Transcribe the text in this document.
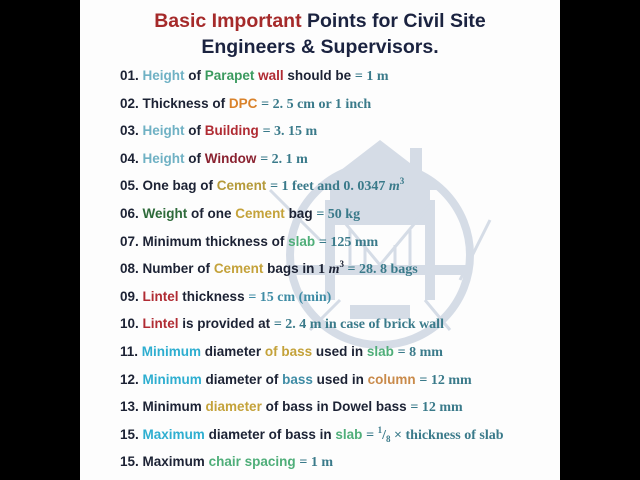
Basic Important Points for Civil Site
Engineers & Supervisors.
01. Height of Parapet wall should be = 1 m
02. Thickness of DPC = 2. 5 cm or 1 inch
03. Height of Building = 3. 15 m
04. Height of Window = 2. 1 m
05. One bag of Cement = 1 feet and 0. 0347 $m^3$
06. Weight of one Cement bag = 50 kg
07. Minimum thickness of slab = 125 mm
08. Number of Cement bags in 1 $m^3 = 28$. 8 bags
09. Lintel thickness = 15 cm (min)
10. Lintel is provided at = 2. 4 m in case of brick wall
11. Minimum diameter of bass used in slab = 8 mm
12. Minimum diameter of bass used in column = 12 mm
13. Minimum diameter of bass in Dowel bass = 12 mm
15. Maximum diameter of bass in slab = $^1/_8$ × thickness of slab
15. Maximum chair spacing = 1 m
